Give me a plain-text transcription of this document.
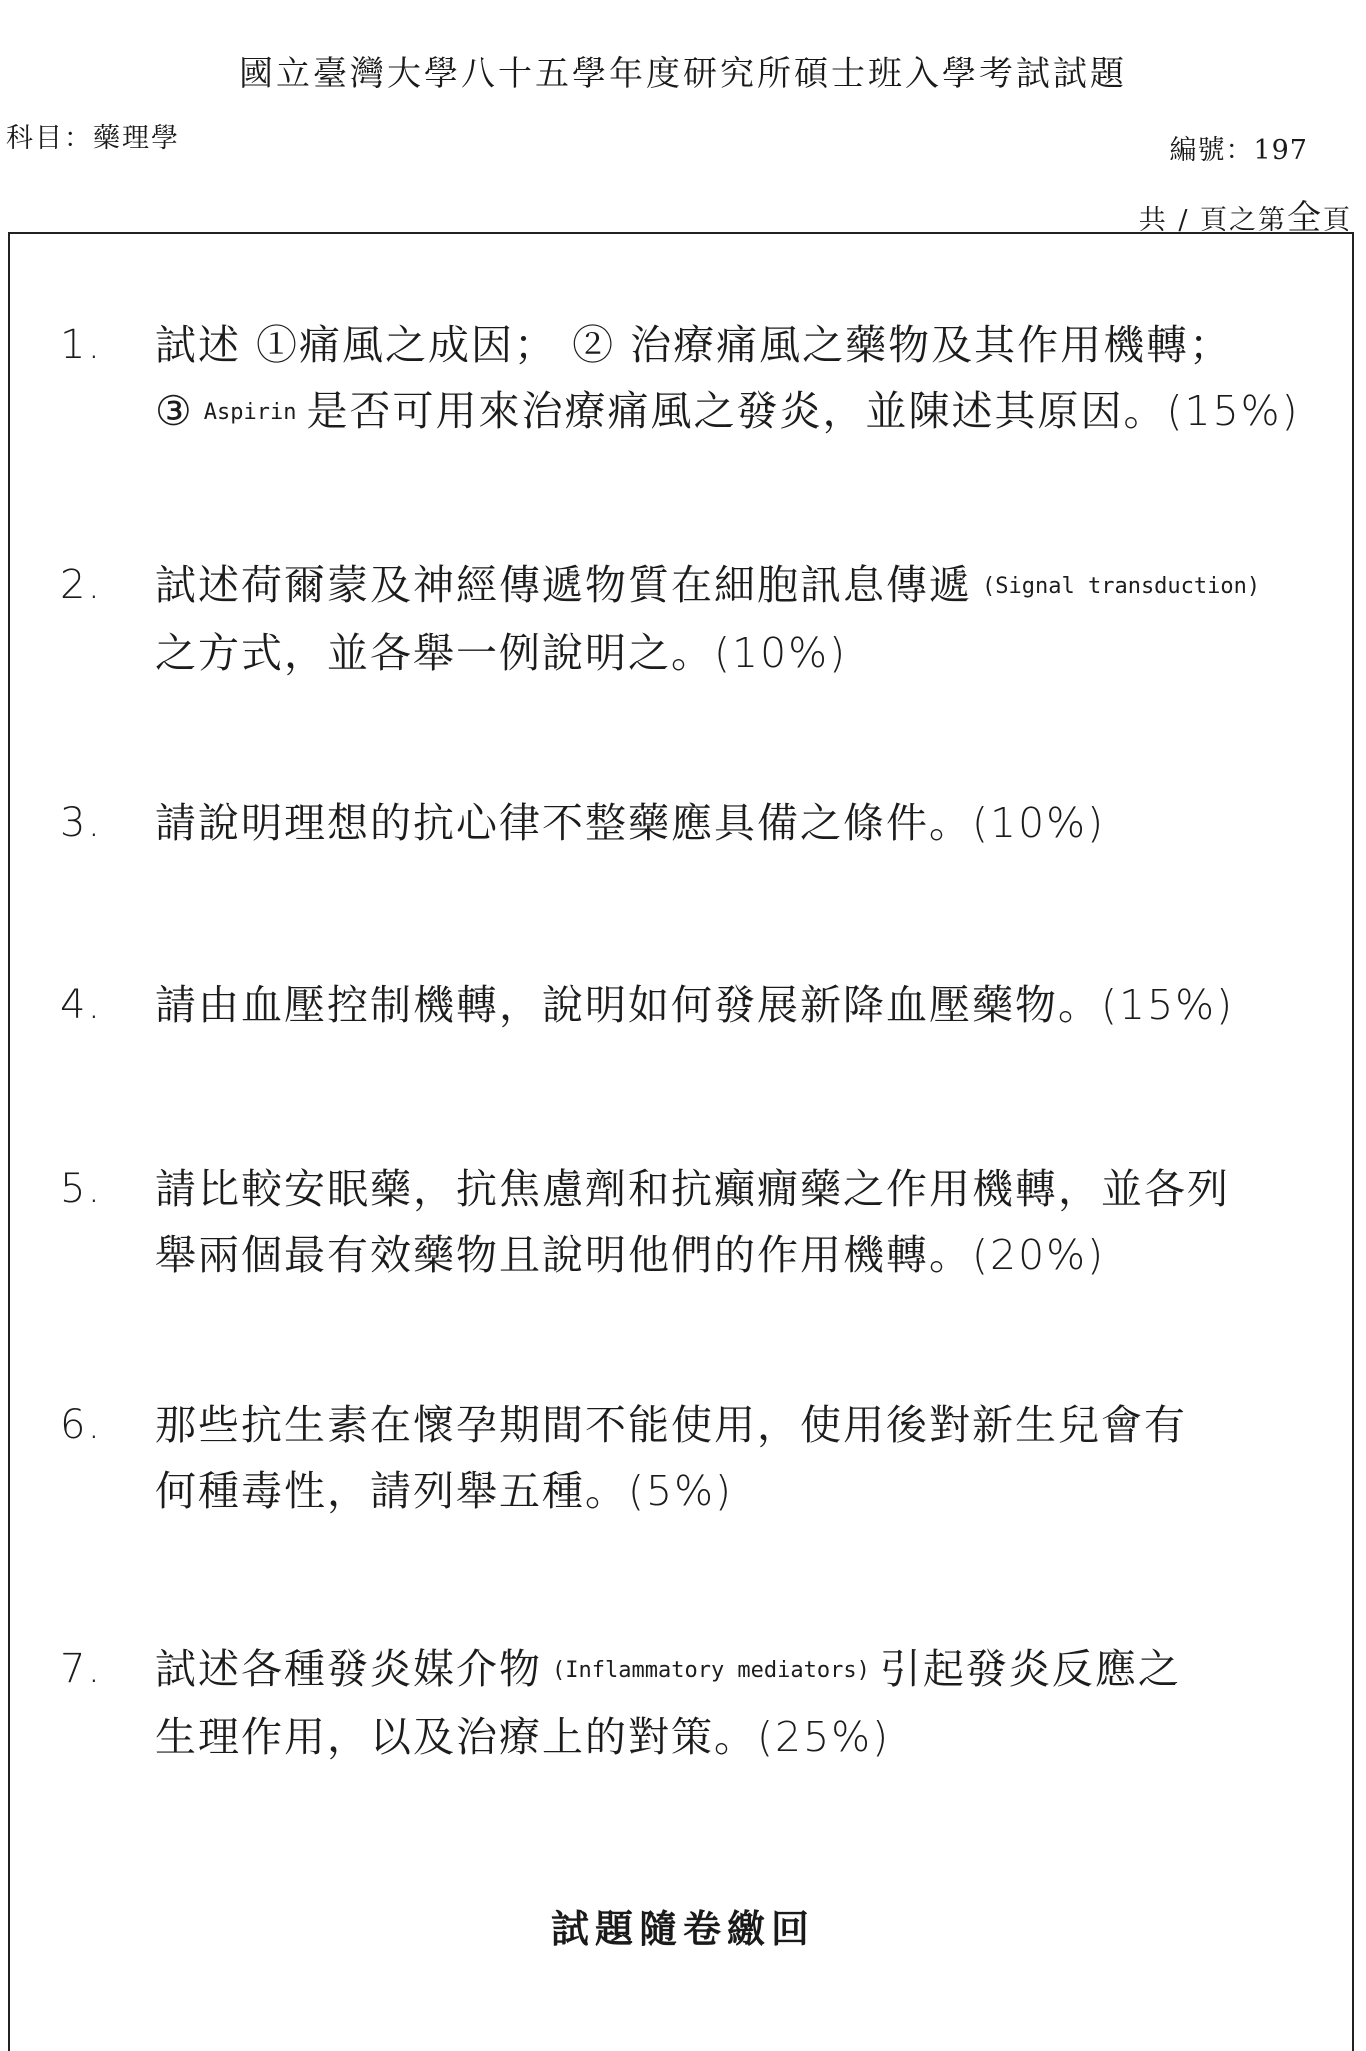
國立臺灣大學八十五學年度研究所碩士班入學考試試題
科目：藥理學	編號：197
共 / 頁之第全頁
1. 試述 ①痛風之成因； ② 治療痛風之藥物及其作用機轉；
③ Aspirin 是否可用來治療痛風之發炎，並陳述其原因。(15%)
2. 試述荷爾蒙及神經傳遞物質在細胞訊息傳遞 (Signal transduction)
之方式，並各舉一例說明之。(10%)
3. 請說明理想的抗心律不整藥應具備之條件。(10%)
4. 請由血壓控制機轉，說明如何發展新降血壓藥物。(15%)
5. 請比較安眠藥，抗焦慮劑和抗癲癇藥之作用機轉，並各列
舉兩個最有效藥物且說明他們的作用機轉。(20%)
6. 那些抗生素在懷孕期間不能使用，使用後對新生兒會有
何種毒性，請列舉五種。(5%)
7. 試述各種發炎媒介物 (Inflammatory mediators) 引起發炎反應之
生理作用，以及治療上的對策。(25%)
試題隨卷繳回
